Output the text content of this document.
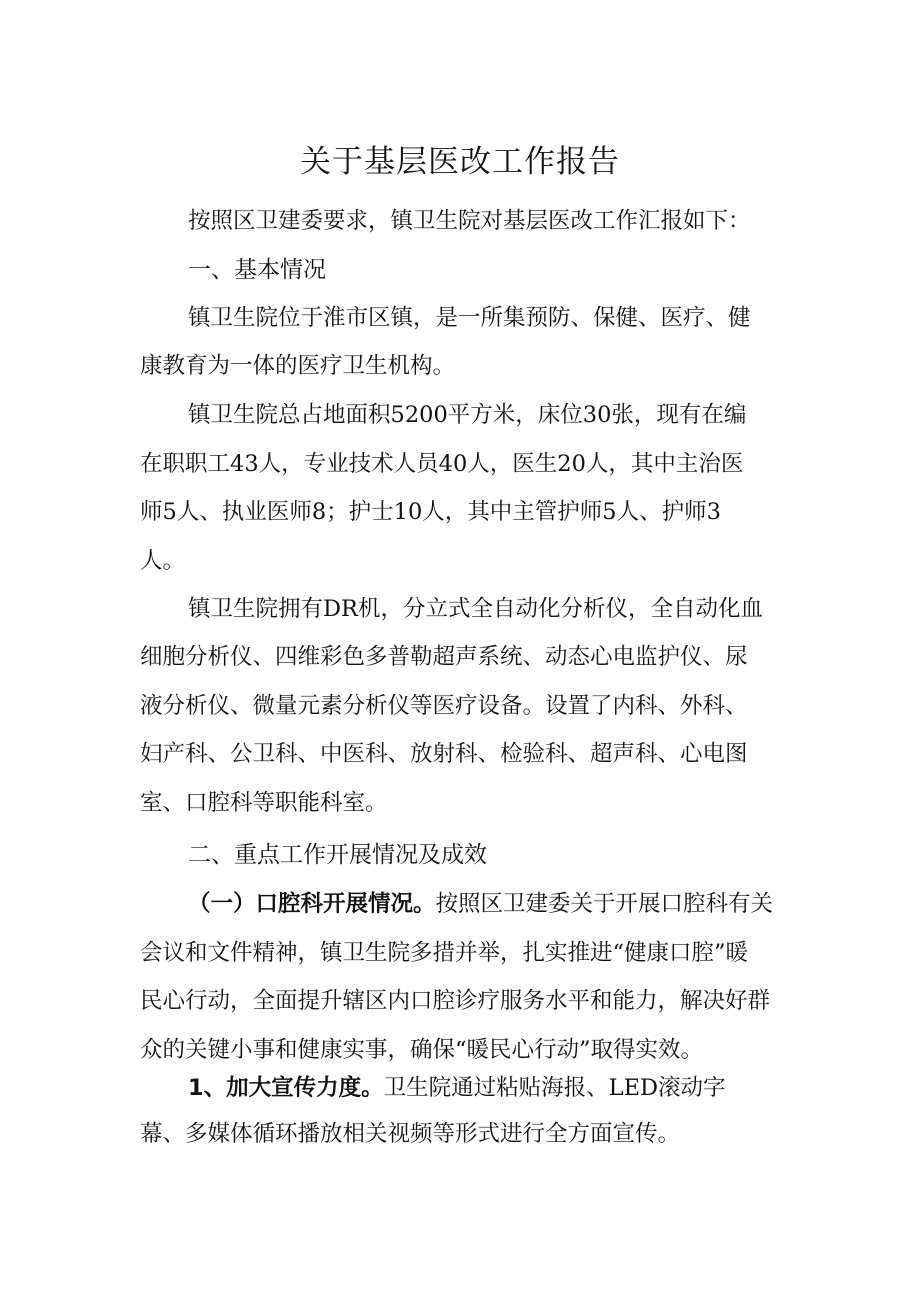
关于基层医改工作报告

按照区卫建委要求，镇卫生院对基层医改工作汇报如下：

一、基本情况

镇卫生院位于淮市区镇，是一所集预防、保健、医疗、健

康教育为一体的医疗卫生机构。

镇卫生院总占地面积5200平方米，床位30张，现有在编

在职职工43人，专业技术人员40人，医生20人，其中主治医

师5人、执业医师8；护士10人，其中主管护师5人、护师3

人。

镇卫生院拥有DR机，分立式全自动化分析仪，全自动化血

细胞分析仪、四维彩色多普勒超声系统、动态心电监护仪、尿

液分析仪、微量元素分析仪等医疗设备。设置了内科、外科、

妇产科、公卫科、中医科、放射科、检验科、超声科、心电图

室、口腔科等职能科室。

二、重点工作开展情况及成效

（一）口腔科开展情况。按照区卫建委关于开展口腔科有关

会议和文件精神，镇卫生院多措并举，扎实推进“健康口腔”暖

民心行动，全面提升辖区内口腔诊疗服务水平和能力，解决好群

众的关键小事和健康实事，确保“暖民心行动”取得实效。

1、加大宣传力度。卫生院通过粘贴海报、LED滚动字

幕、多媒体循环播放相关视频等形式进行全方面宣传。
